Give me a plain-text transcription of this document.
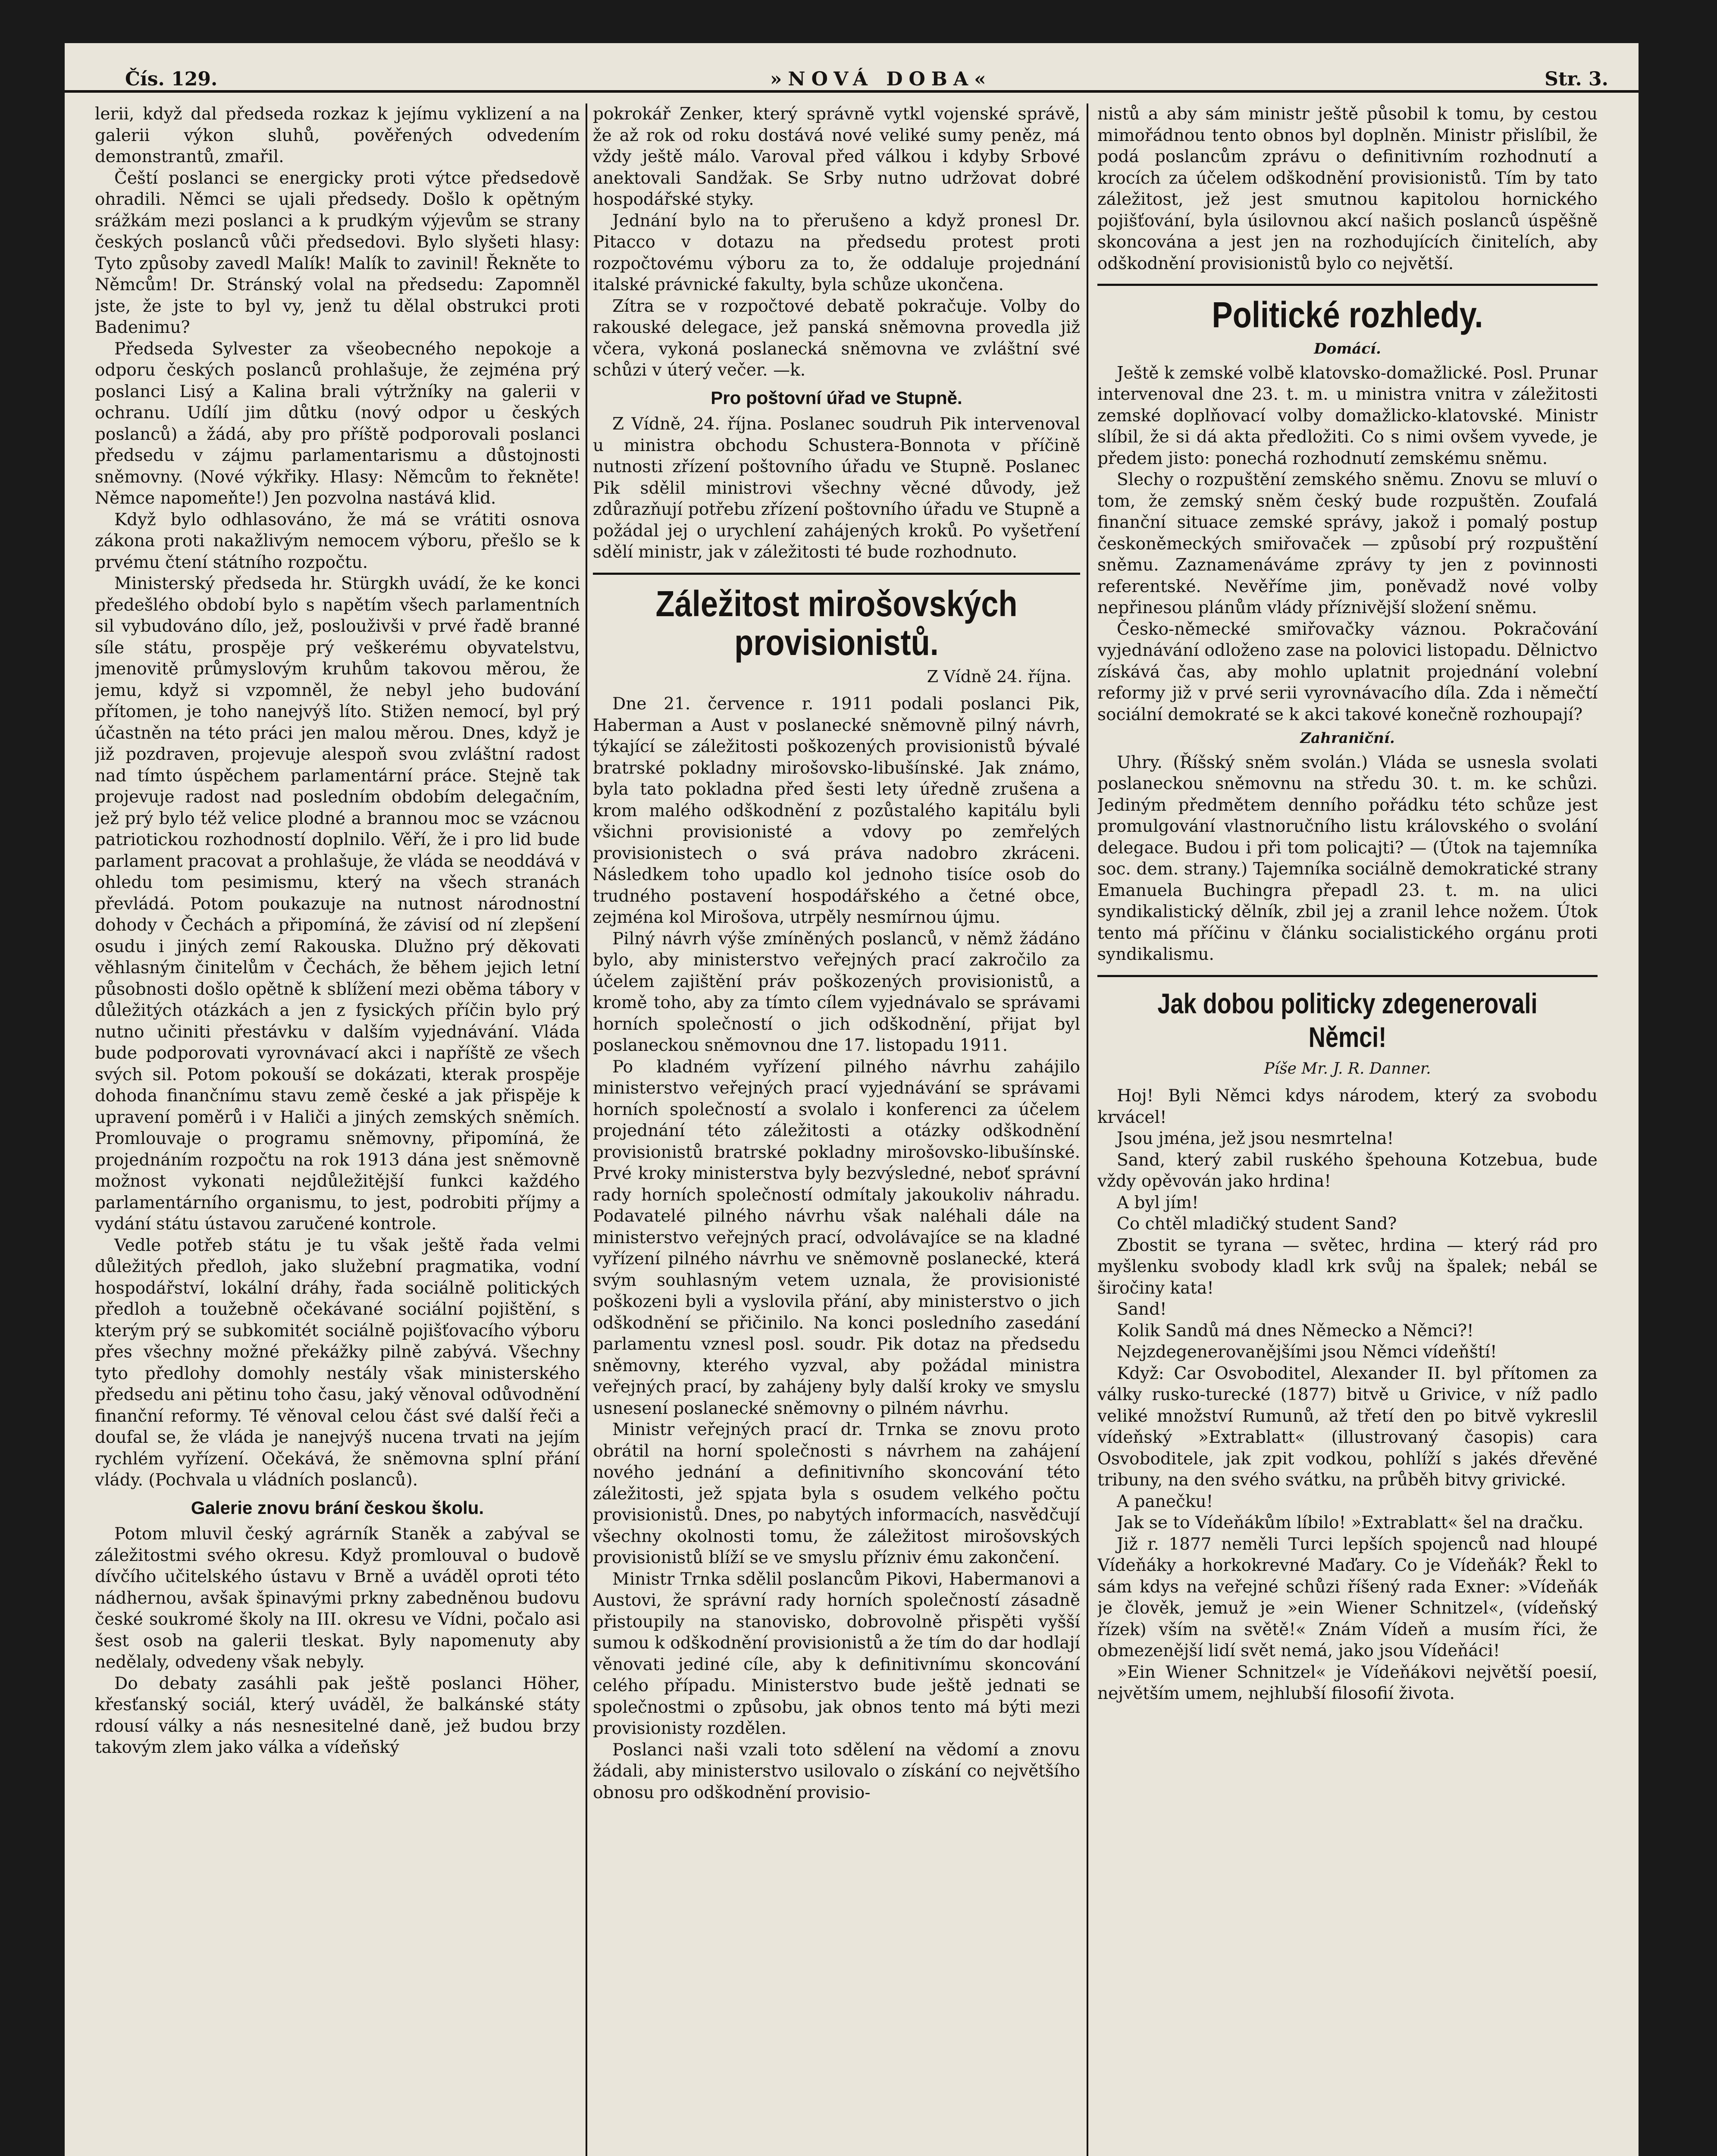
Čís. 129.	»NOVÁ DOBA«	Str. 3.

lerii, když dal předseda rozkaz k jejímu vyklizení a na galerii výkon sluhů, pověřených odvedením demonstrantů, zmařil.

Čeští poslanci se energicky proti výtce předsedově ohradili. Němci se ujali předsedy. Došlo k opětným srážkám mezi poslanci a k prudkým výjevům se strany českých poslanců vůči předsedovi. Bylo slyšeti hlasy: Tyto způsoby zavedl Malík! Malík to zavinil! Řekněte to Němcům! Dr. Stránský volal na předsedu: Zapomněl jste, že jste to byl vy, jenž tu dělal obstrukci proti Badenimu?

Předseda Sylvester za všeobecného nepokoje a odporu českých poslanců prohlašuje, že zejména prý poslanci Lisý a Kalina brali výtržníky na galerii v ochranu. Udílí jim důtku (nový odpor u českých poslanců) a žádá, aby pro příště podporovali poslanci předsedu v zájmu parlamentarismu a důstojnosti sněmovny. (Nové výkřiky. Hlasy: Němcům to řekněte! Němce napomeňte!) Jen pozvolna nastává klid.

Když bylo odhlasováno, že má se vrátiti osnova zákona proti nakažlivým nemocem výboru, přešlo se k prvému čtení státního rozpočtu.

Ministerský předseda hr. Stürgkh uvádí, že ke konci předešlého období bylo s napětím všech parlamentních sil vybudováno dílo, jež, poslouživši v prvé řadě branné síle státu, prospěje prý veškerému obyvatelstvu, jmenovitě průmyslovým kruhům takovou měrou, že jemu, když si vzpomněl, že nebyl jeho budování přítomen, je toho nanejvýš líto. Stižen nemocí, byl prý účastněn na této práci jen malou měrou. Dnes, když je již pozdraven, projevuje alespoň svou zvláštní radost nad tímto úspěchem parlamentární práce. Stejně tak projevuje radost nad posledním obdobím delegačním, jež prý bylo též velice plodné a brannou moc se vzácnou patriotickou rozhodností doplnilo. Věří, že i pro lid bude parlament pracovat a prohlašuje, že vláda se neoddává v ohledu tom pesimismu, který na všech stranách převládá. Potom poukazuje na nutnost národnostní dohody v Čechách a připomíná, že závisí od ní zlepšení osudu i jiných zemí Rakouska. Dlužno prý děkovati věhlasným činitelům v Čechách, že během jejich letní působnosti došlo opětně k sblížení mezi oběma tábory v důležitých otázkách a jen z fysických příčin bylo prý nutno učiniti přestávku v dalším vyjednávání. Vláda bude podporovati vyrovnávací akci i napříště ze všech svých sil. Potom pokouší se dokázati, kterak prospěje dohoda finančnímu stavu země české a jak přispěje k upravení poměrů i v Haliči a jiných zemských sněmích. Promlouvaje o programu sněmovny, připomíná, že projednáním rozpočtu na rok 1913 dána jest sněmovně možnost vykonati nejdůležitější funkci každého parlamentárního organismu, to jest, podrobiti příjmy a vydání státu ústavou zaručené kontrole.

Vedle potřeb státu je tu však ještě řada velmi důležitých předloh, jako služební pragmatika, vodní hospodářství, lokální dráhy, řada sociálně politických předloh a toužebně očekávané sociální pojištění, s kterým prý se subkomitét sociálně pojišťovacího výboru přes všechny možné překážky pilně zabývá. Všechny tyto předlohy domohly nestály však ministerského předsedu ani pětinu toho času, jaký věnoval odůvodnění finanční reformy. Té věnoval celou část své další řeči a doufal se, že vláda je nanejvýš nucena trvati na jejím rychlém vyřízení. Očekává, že sněmovna splní přání vlády. (Pochvala u vládních poslanců).

Galerie znovu brání českou školu.

Potom mluvil český agrárník Staněk a zabýval se záležitostmi svého okresu. Když promlouval o budově dívčího učitelského ústavu v Brně a uváděl oproti této nádhernou, avšak špinavými prkny zabedněnou budovu české soukromé školy na III. okresu ve Vídni, počalo asi šest osob na galerii tleskat. Byly napomenuty aby nedělaly, odvedeny však nebyly.

Do debaty zasáhli pak ještě poslanci Höher, křesťanský sociál, který uváděl, že balkánské státy rdousí války a nás nesnesitelné daně, jež budou brzy takovým zlem jako válka a vídeňský

pokrokář Zenker, který správně vytkl vojenské správě, že až rok od roku dostává nové veliké sumy peněz, má vždy ještě málo. Varoval před válkou i kdyby Srbové anektovali Sandžak. Se Srby nutno udržovat dobré hospodářské styky.

Jednání bylo na to přerušeno a když pronesl Dr. Pitacco v dotazu na předsedu protest proti rozpočtovému výboru za to, že oddaluje projednání italské právnické fakulty, byla schůze ukončena.

Zítra se v rozpočtové debatě pokračuje. Volby do rakouské delegace, jež panská sněmovna provedla již včera, vykoná poslanecká sněmovna ve zvláštní své schůzi v úterý večer. —k.

Pro poštovní úřad ve Stupně.

Z Vídně, 24. října. Poslanec soudruh Pik intervenoval u ministra obchodu Schustera-Bonnota v příčině nutnosti zřízení poštovního úřadu ve Stupně. Poslanec Pik sdělil ministrovi všechny věcné důvody, jež zdůrazňují potřebu zřízení poštovního úřadu ve Stupně a požádal jej o urychlení zahájených kroků. Po vyšetření sdělí ministr, jak v záležitosti té bude rozhodnuto.

Záležitost mirošovských provisionistů.
Z Vídně 24. října.

Dne 21. července r. 1911 podali poslanci Pik, Haberman a Aust v poslanecké sněmovně pilný návrh, týkající se záležitosti poškozených provisionistů bývalé bratrské pokladny mirošovsko-libušínské. Jak známo, byla tato pokladna před šesti lety úředně zrušena a krom malého odškodnění z pozůstalého kapitálu byli všichni provisionisté a vdovy po zemřelých provisionistech o svá práva nadobro zkráceni. Následkem toho upadlo kol jednoho tisíce osob do trudného postavení hospodářského a četné obce, zejména kol Mirošova, utrpěly nesmírnou újmu.

Pilný návrh výše zmíněných poslanců, v němž žádáno bylo, aby ministerstvo veřejných prací zakročilo za účelem zajištění práv poškozených provisionistů, a kromě toho, aby za tímto cílem vyjednávalo se správami horních společností o jich odškodnění, přijat byl poslaneckou sněmovnou dne 17. listopadu 1911.

Po kladném vyřízení pilného návrhu zahájilo ministerstvo veřejných prací vyjednávání se správami horních společností a svolalo i konferenci za účelem projednání této záležitosti a otázky odškodnění provisionistů bratrské pokladny mirošovsko-libušínské. Prvé kroky ministerstva byly bezvýsledné, neboť správní rady horních společností odmítaly jakoukoliv náhradu. Podavatelé pilného návrhu však naléhali dále na ministerstvo veřejných prací, odvolávajíce se na kladné vyřízení pilného návrhu ve sněmovně poslanecké, která svým souhlasným vetem uznala, že provisionisté poškozeni byli a vyslovila přání, aby ministerstvo o jich odškodnění se přičinilo. Na konci posledního zasedání parlamentu vznesl posl. soudr. Pik dotaz na předsedu sněmovny, kterého vyzval, aby požádal ministra veřejných prací, by zahájeny byly další kroky ve smyslu usnesení poslanecké sněmovny o pilném návrhu.

Ministr veřejných prací dr. Trnka se znovu proto obrátil na horní společnosti s návrhem na zahájení nového jednání a definitivního skoncování této záležitosti, jež spjata byla s osudem velkého počtu provisionistů. Dnes, po nabytých informacích, nasvědčují všechny okolnosti tomu, že záležitost mirošovských provisionistů blíží se ve smyslu přízniv ému zakončení.

Ministr Trnka sdělil poslancům Pikovi, Habermanovi a Austovi, že správní rady horních společností zásadně přistoupily na stanovisko, dobrovolně přispěti vyšší sumou k odškodnění provisionistů a že tím do dar hodlají věnovati jediné cíle, aby k definitivnímu skoncování celého případu. Ministerstvo bude ještě jednati se společnostmi o způsobu, jak obnos tento má býti mezi provisionisty rozdělen.

Poslanci naši vzali toto sdělení na vědomí a znovu žádali, aby ministerstvo usilovalo o získání co největšího obnosu pro odškodnění provisio-

nistů a aby sám ministr ještě působil k tomu, by cestou mimořádnou tento obnos byl doplněn. Ministr přislíbil, že podá poslancům zprávu o definitivním rozhodnutí a krocích za účelem odškodnění provisionistů. Tím by tato záležitost, jež jest smutnou kapitolou hornického pojišťování, byla úsilovnou akcí našich poslanců úspěšně skoncována a jest jen na rozhodujících činitelích, aby odškodnění provisionistů bylo co největší.

Politické rozhledy.
Domácí.

Ještě k zemské volbě klatovsko-domažlické. Posl. Prunar intervenoval dne 23. t. m. u ministra vnitra v záležitosti zemské doplňovací volby domažlicko-klatovské. Ministr slíbil, že si dá akta předložiti. Co s nimi ovšem vyvede, je předem jisto: ponechá rozhodnutí zemskému sněmu.

Slechy o rozpuštění zemského sněmu. Znovu se mluví o tom, že zemský sněm český bude rozpuštěn. Zoufalá finanční situace zemské správy, jakož i pomalý postup českoněmeckých smiřovaček — způsobí prý rozpuštění sněmu. Zaznamenáváme zprávy ty jen z povinnosti referentské. Nevěříme jim, poněvadž nové volby nepřinesou plánům vlády příznivější složení sněmu.

Česko-německé smiřovačky váznou. Pokračování vyjednávání odloženo zase na polovici listopadu. Dělnictvo získává čas, aby mohlo uplatnit projednání volební reformy již v prvé serii vyrovnávacího díla. Zda i němečtí sociální demokraté se k akci takové konečně rozhoupají?

Zahraniční.

Uhry. (Říšský sněm svolán.) Vláda se usnesla svolati poslaneckou sněmovnu na středu 30. t. m. ke schůzi. Jediným předmětem denního pořádku této schůze jest promulgování vlastnoručního listu královského o svolání delegace. Budou i při tom policajti? — (Útok na tajemníka soc. dem. strany.) Tajemníka sociálně demokratické strany Emanuela Buchingra přepadl 23. t. m. na ulici syndikalistický dělník, zbil jej a zranil lehce nožem. Útok tento má příčinu v článku socialistického orgánu proti syndikalismu.

Jak dobou politicky zdegenerovali Němci!
Píše Mr. J. R. Danner.

Hoj! Byli Němci kdys národem, který za svobodu krvácel!

Jsou jména, jež jsou nesmrtelna!

Sand, který zabil ruského špehouna Kotzebua, bude vždy opěvován jako hrdina!

A byl jím!

Co chtěl mladičký student Sand?

Zbostit se tyrana — světec, hrdina — který rád pro myšlenku svobody kladl krk svůj na špalek; nebál se širočiny kata!

Sand!

Kolik Sandů má dnes Německo a Němci?!

Nejzdegenerovanějšími jsou Němci vídeňští!

Když: Car Osvoboditel, Alexander II. byl přítomen za války rusko-turecké (1877) bitvě u Grivice, v níž padlo veliké množství Rumunů, až třetí den po bitvě vykreslil vídeňský »Extrablatt« (illustrovaný časopis) cara Osvoboditele, jak zpit vodkou, pohlíží s jakés dřevěné tribuny, na den svého svátku, na průběh bitvy grivické.

A panečku!

Jak se to Vídeňákům líbilo! »Extrablatt« šel na dračku.

Již r. 1877 neměli Turci lepších spojenců nad hloupé Vídeňáky a horkokrevné Maďary. Co je Vídeňák? Řekl to sám kdys na veřejné schůzi říšený rada Exner: »Vídeňák je člověk, jemuž je »ein Wiener Schnitzel«, (vídeňský řízek) vším na světě!« Znám Vídeň a musím říci, že obmezenější lidí svět nemá, jako jsou Vídeňáci!

»Ein Wiener Schnitzel« je Vídeňákovi největší poesií, největším umem, nejhlubší filosofií života.
